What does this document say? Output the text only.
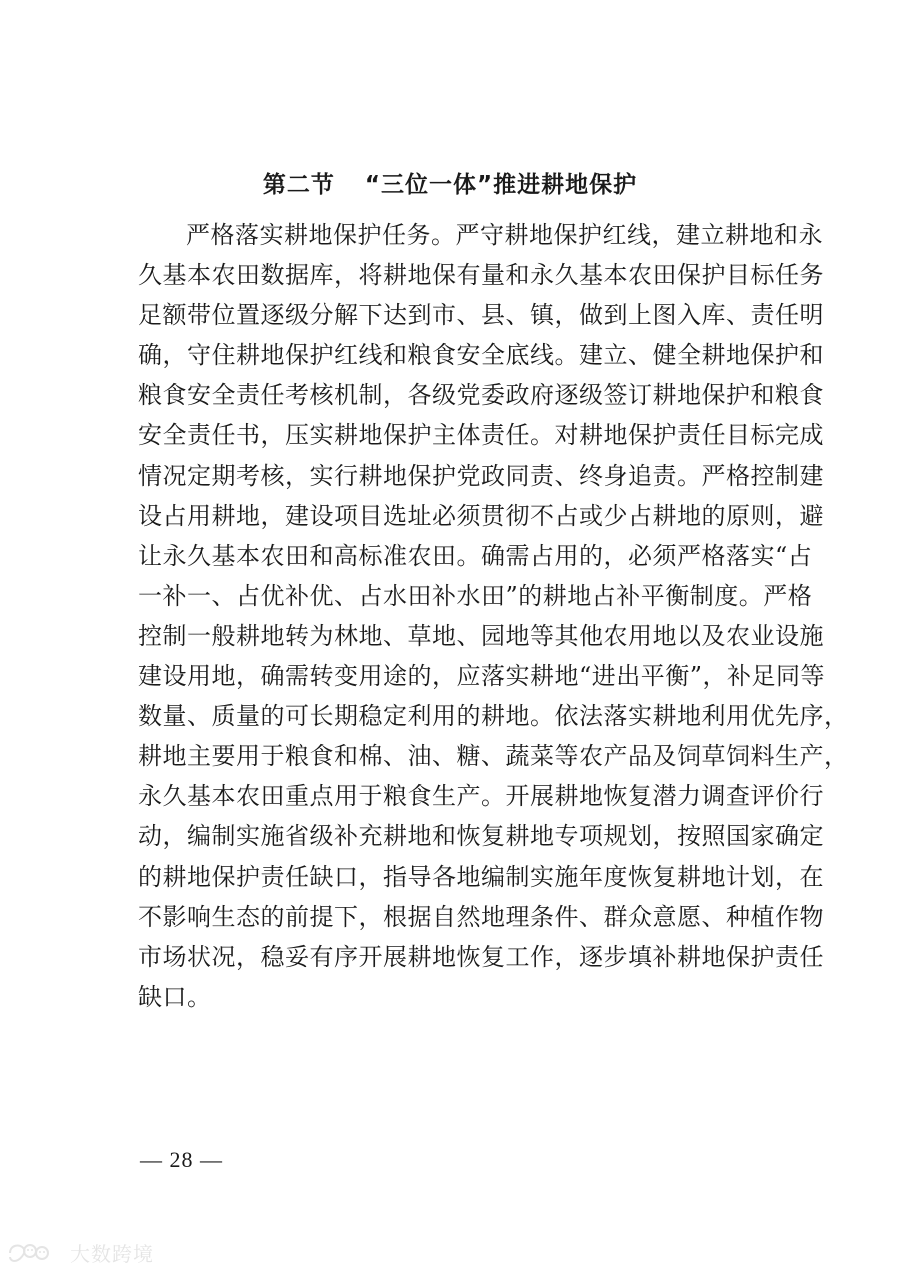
第二节 “三位一体”推进耕地保护
严格落实耕地保护任务。严守耕地保护红线，建立耕地和永
久基本农田数据库，将耕地保有量和永久基本农田保护目标任务
足额带位置逐级分解下达到市、县、镇，做到上图入库、责任明
确，守住耕地保护红线和粮食安全底线。建立、健全耕地保护和
粮食安全责任考核机制，各级党委政府逐级签订耕地保护和粮食
安全责任书，压实耕地保护主体责任。对耕地保护责任目标完成
情况定期考核，实行耕地保护党政同责、终身追责。严格控制建
设占用耕地，建设项目选址必须贯彻不占或少占耕地的原则，避
让永久基本农田和高标准农田。确需占用的，必须严格落实“占
一补一、占优补优、占水田补水田”的耕地占补平衡制度。严格
控制一般耕地转为林地、草地、园地等其他农用地以及农业设施
建设用地，确需转变用途的，应落实耕地“进出平衡”，补足同等
数量、质量的可长期稳定利用的耕地。依法落实耕地利用优先序，
耕地主要用于粮食和棉、油、糖、蔬菜等农产品及饲草饲料生产，
永久基本农田重点用于粮食生产。开展耕地恢复潜力调查评价行
动，编制实施省级补充耕地和恢复耕地专项规划，按照国家确定
的耕地保护责任缺口，指导各地编制实施年度恢复耕地计划，在
不影响生态的前提下，根据自然地理条件、群众意愿、种植作物
市场状况，稳妥有序开展耕地恢复工作，逐步填补耕地保护责任
缺口。
— 28 —
大数跨境
